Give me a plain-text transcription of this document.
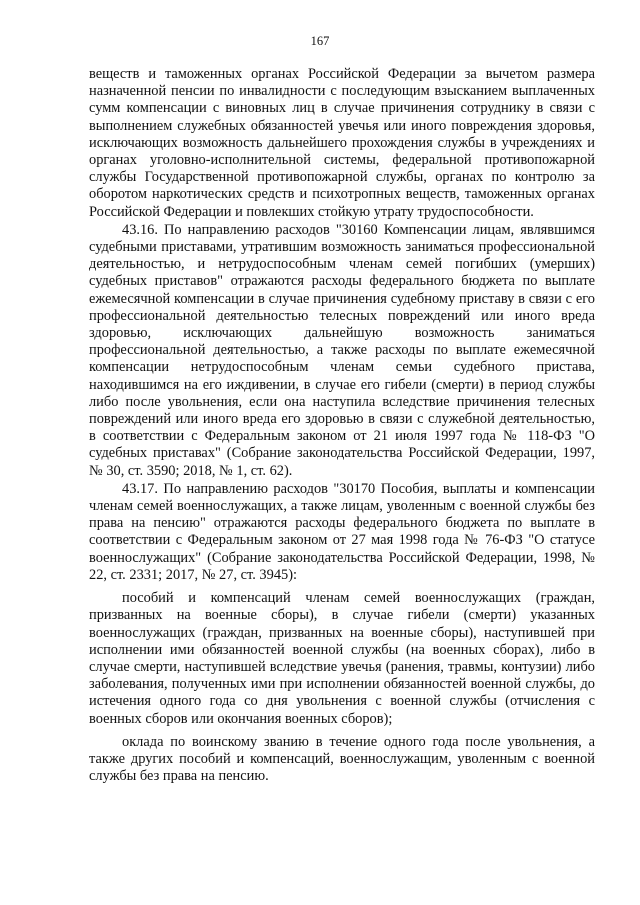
167

веществ и таможенных органах Российской Федерации за вычетом размера назначенной пенсии по инвалидности с последующим взысканием выплаченных сумм компенсации с виновных лиц в случае причинения сотруднику в связи с выполнением служебных обязанностей увечья или иного повреждения здоровья, исключающих возможность дальнейшего прохождения службы в учреждениях и органах уголовно-исполнительной системы, федеральной противопожарной службы Государственной противопожарной службы, органах по контролю за оборотом наркотических средств и психотропных веществ, таможенных органах Российской Федерации и повлекших стойкую утрату трудоспособности.

43.16. По направлению расходов "30160 Компенсации лицам, являвшимся судебными приставами, утратившим возможность заниматься профессиональной деятельностью, и нетрудоспособным членам семей погибших (умерших) судебных приставов" отражаются расходы федерального бюджета по выплате ежемесячной компенсации в случае причинения судебному приставу в связи с его профессиональной деятельностью телесных повреждений или иного вреда здоровью, исключающих дальнейшую возможность заниматься профессиональной деятельностью, а также расходы по выплате ежемесячной компенсации нетрудоспособным членам семьи судебного пристава, находившимся на его иждивении, в случае его гибели (смерти) в период службы либо после увольнения, если она наступила вследствие причинения телесных повреждений или иного вреда его здоровью в связи с служебной деятельностью, в соответствии с Федеральным законом от 21 июля 1997 года № 118-ФЗ "О судебных приставах" (Собрание законодательства Российской Федерации, 1997, № 30, ст. 3590; 2018, № 1, ст. 62).

43.17. По направлению расходов "30170 Пособия, выплаты и компенсации членам семей военнослужащих, а также лицам, уволенным с военной службы без права на пенсию" отражаются расходы федерального бюджета по выплате в соответствии с Федеральным законом от 27 мая 1998 года № 76-ФЗ "О статусе военнослужащих" (Собрание законодательства Российской Федерации, 1998, № 22, ст. 2331; 2017, № 27, ст. 3945):

пособий и компенсаций членам семей военнослужащих (граждан, призванных на военные сборы), в случае гибели (смерти) указанных военнослужащих (граждан, призванных на военные сборы), наступившей при исполнении ими обязанностей военной службы (на военных сборах), либо в случае смерти, наступившей вследствие увечья (ранения, травмы, контузии) либо заболевания, полученных ими при исполнении обязанностей военной службы, до истечения одного года со дня увольнения с военной службы (отчисления с военных сборов или окончания военных сборов);

оклада по воинскому званию в течение одного года после увольнения, а также других пособий и компенсаций, военнослужащим, уволенным с военной службы без права на пенсию.
